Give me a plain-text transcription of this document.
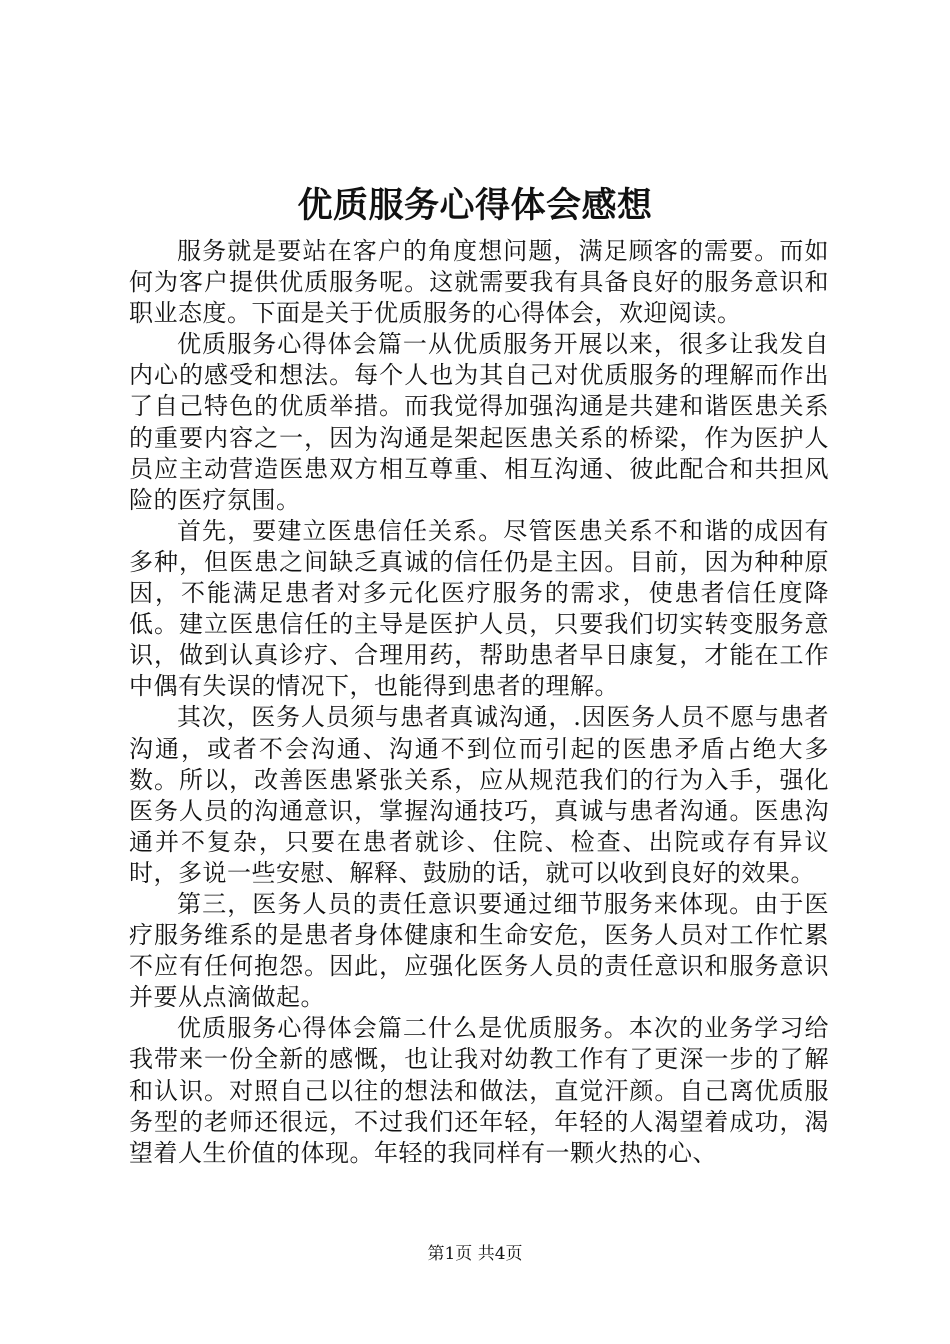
优质服务心得体会感想

服务就是要站在客户的角度想问题，满足顾客的需要。而如何为客户提供优质服务呢。这就需要我有具备良好的服务意识和职业态度。下面是关于优质服务的心得体会，欢迎阅读。

优质服务心得体会篇一从优质服务开展以来，很多让我发自内心的感受和想法。每个人也为其自己对优质服务的理解而作出了自己特色的优质举措。而我觉得加强沟通是共建和谐医患关系的重要内容之一，因为沟通是架起医患关系的桥梁，作为医护人员应主动营造医患双方相互尊重、相互沟通、彼此配合和共担风险的医疗氛围。

首先，要建立医患信任关系。尽管医患关系不和谐的成因有多种，但医患之间缺乏真诚的信任仍是主因。目前，因为种种原因，不能满足患者对多元化医疗服务的需求，使患者信任度降低。建立医患信任的主导是医护人员，只要我们切实转变服务意识，做到认真诊疗、合理用药，帮助患者早日康复，才能在工作中偶有失误的情况下，也能得到患者的理解。

其次，医务人员须与患者真诚沟通，.因医务人员不愿与患者沟通，或者不会沟通、沟通不到位而引起的医患矛盾占绝大多数。所以，改善医患紧张关系，应从规范我们的行为入手，强化医务人员的沟通意识，掌握沟通技巧，真诚与患者沟通。医患沟通并不复杂，只要在患者就诊、住院、检查、出院或存有异议时，多说一些安慰、解释、鼓励的话，就可以收到良好的效果。

第三，医务人员的责任意识要通过细节服务来体现。由于医疗服务维系的是患者身体健康和生命安危，医务人员对工作忙累不应有任何抱怨。因此，应强化医务人员的责任意识和服务意识并要从点滴做起。

优质服务心得体会篇二什么是优质服务。本次的业务学习给我带来一份全新的感慨，也让我对幼教工作有了更深一步的了解和认识。对照自己以往的想法和做法，直觉汗颜。自己离优质服务型的老师还很远，不过我们还年轻，年轻的人渴望着成功，渴望着人生价值的体现。年轻的我同样有一颗火热的心、

第1页 共4页
